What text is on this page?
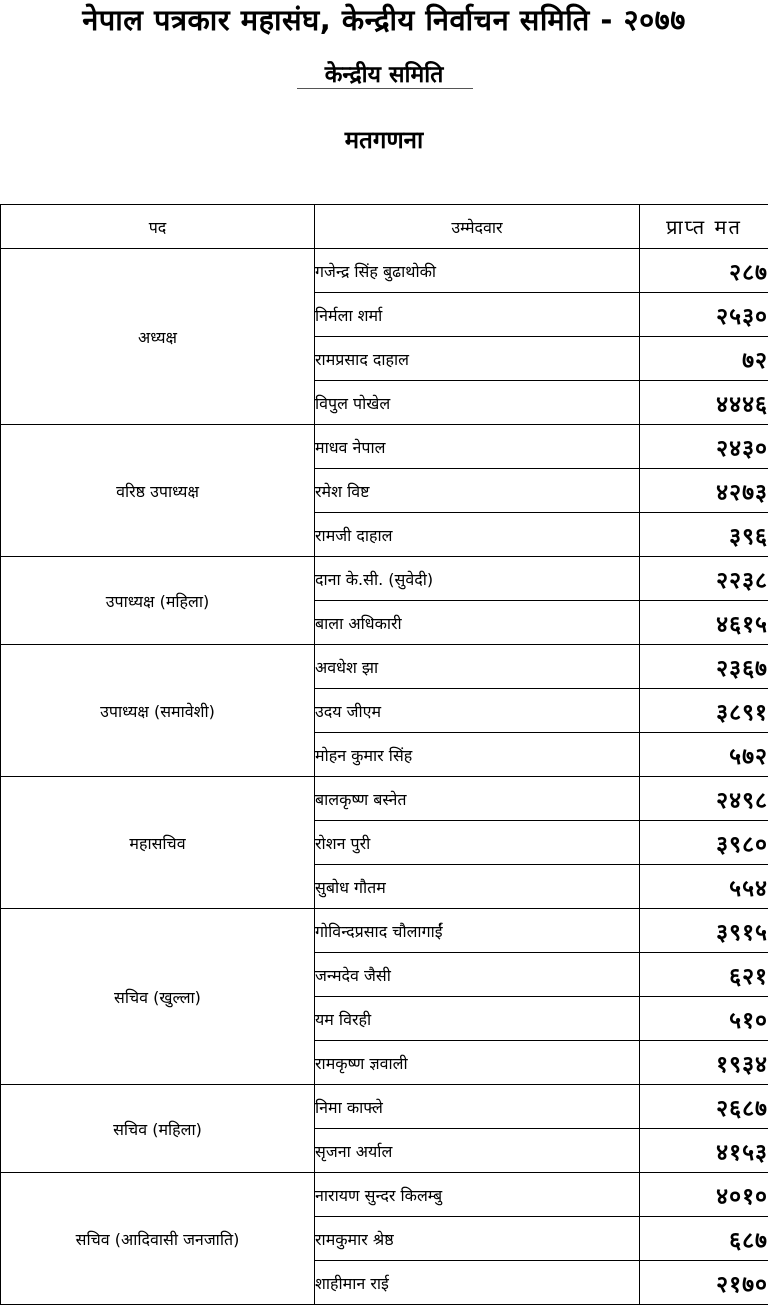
नेपाल पत्रकार महासंघ, केन्द्रीय निर्वाचन समिति - २०७७
केन्द्रीय समिति
मतगणना
पद	उम्मेदवार	प्राप्त मत
अध्यक्ष	गजेन्द्र सिंह बुढाथोकी	२८७
	निर्मला शर्मा	२५३०
	रामप्रसाद दाहाल	७२
	विपुल पोखेल	४४४६
वरिष्ठ उपाध्यक्ष	माधव नेपाल	२४३०
	रमेश विष्ट	४२७३
	रामजी दाहाल	३९६
उपाध्यक्ष (महिला)	दाना के.सी. (सुवेदी)	२२३८
	बाला अधिकारी	४६१५
उपाध्यक्ष (समावेशी)	अवधेश झा	२३६७
	उदय जीएम	३८९१
	मोहन कुमार सिंह	५७२
महासचिव	बालकृष्ण बस्नेत	२४९८
	रोशन पुरी	३९८०
	सुबोध गौतम	५५४
सचिव (खुल्ला)	गोविन्दप्रसाद चौलागाईं	३९१५
	जन्मदेव जैसी	६२१
	यम विरही	५१०
	रामकृष्ण ज्ञवाली	१९३४
सचिव (महिला)	निमा काफ्ले	२६८७
	सृजना अर्याल	४१५३
सचिव (आदिवासी जनजाति)	नारायण सुन्दर किलम्बु	४०१०
	रामकुमार श्रेष्ठ	६८७
	शाहीमान राई	२१७०
